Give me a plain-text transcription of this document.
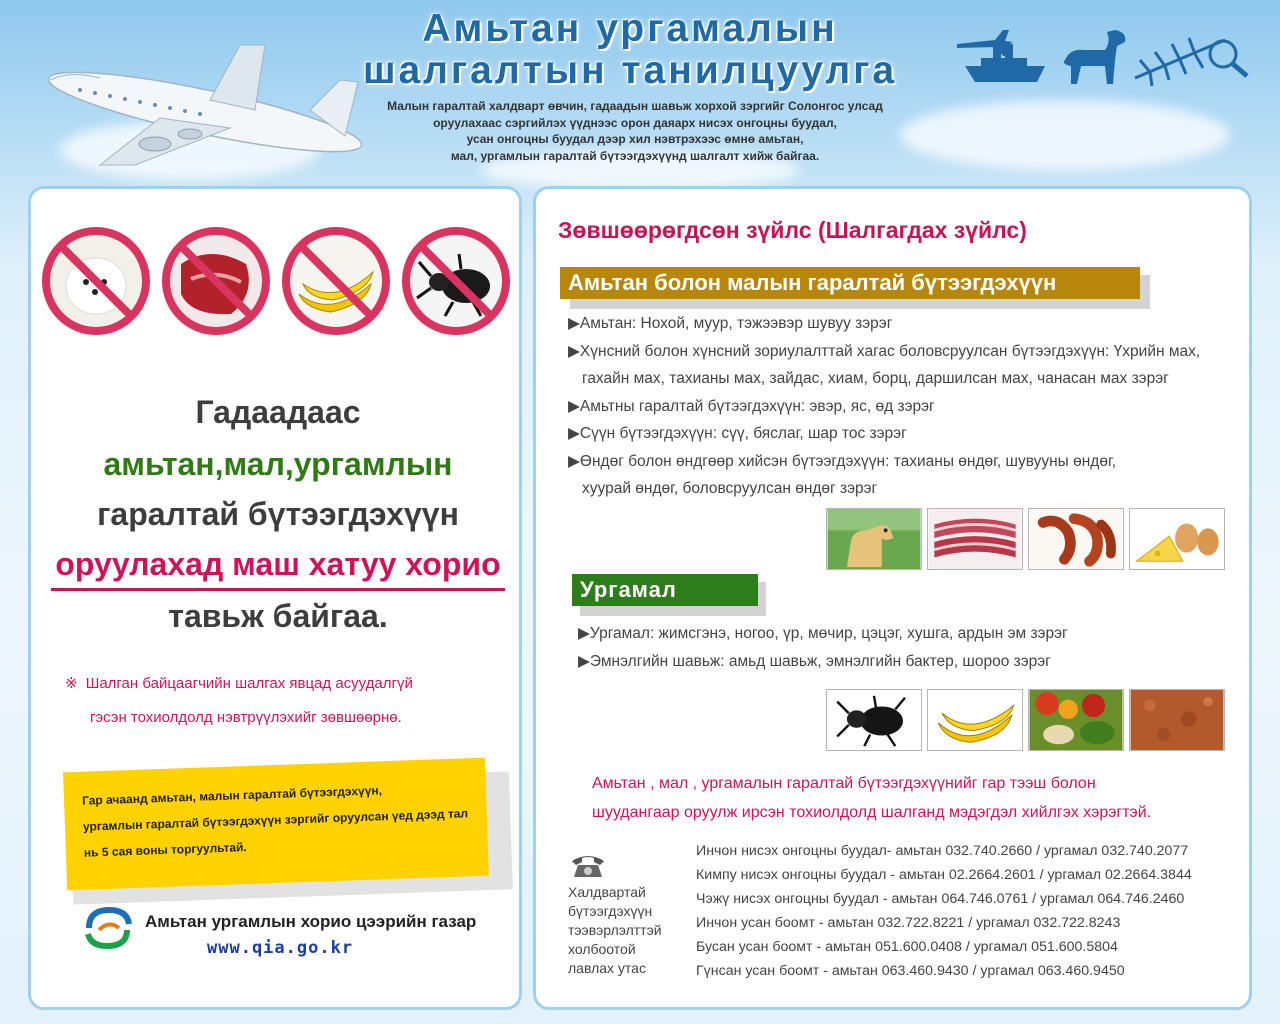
Амьтан ургамалын
шалгалтын танилцуулга
Малын гаралтай халдварт өвчин, гадаадын шавьж хорхой зэргийг Солонгос улсад
оруулахаас сэргийлэх үүднээс орон даяарх нисэх онгоцны буудал,
усан онгоцны буудал дээр хил нэвтрэхээс өмнө амьтан,
мал, ургамлын гаралтай бүтээгдэхүүнд шалгалт хийж байгаа.
Гадаадаас
амьтан,мал,ургамлын
гаралтай бүтээгдэхүүн
оруулахад маш хатуу хорио
тавьж байгаа.
※ Шалган байцаагчийн шалгах явцад асуудалгүй
гэсэн тохиолдолд нэвтрүүлэхийг зөвшөөрнө.
Гар ачаанд амьтан, малын гаралтай бүтээгдэхүүн,
ургамлын гаралтай бүтээгдэхүүн зэргийг оруулсан үед дээд тал
нь 5 сая воны торгуультай.
Амьтан ургамлын хорио цээрийн газар
www.qia.go.kr
Зөвшөөрөгдсөн зүйлс (Шалгагдах зүйлс)
Амьтан болон малын гаралтай бүтээгдэхүүн
▶Амьтан: Нохой, муур, тэжээвэр шувуу зэрэг
▶Хүнсний болон хүнсний зориулалттай хагас боловсруулсан бүтээгдэхүүн: Үхрийн мах,
гахайн мах, тахианы мах, зайдас, хиам, борц, даршилсан мах, чанасан мах зэрэг
▶Амьтны гаралтай бүтээгдэхүүн: эвэр, яс, өд зэрэг
▶Сүүн бүтээгдэхүүн: сүү, бяслаг, шар тос зэрэг
▶Өндөг болон өндгөөр хийсэн бүтээгдэхүүн: тахианы өндөг, шувууны өндөг,
хуурай өндөг, боловсруулсан өндөг зэрэг
Ургамал
▶Ургамал: жимсгэнэ, ногоо, үр, мөчир, цэцэг, хушга, ардын эм зэрэг
▶Эмнэлгийн шавьж: амьд шавьж, эмнэлгийн бактер, шороо зэрэг
Амьтан , мал , ургамалын гаралтай бүтээгдэхүүнийг гар тээш болон
шуудангаар оруулж ирсэн тохиолдолд шалганд мэдэгдэл хийлгэх хэрэгтэй.
Халдвартай
бүтээгдэхүүн
тээвэрлэлттэй
холбоотой
лавлах утас
Инчон нисэх онгоцны буудал- амьтан 032.740.2660 / ургамал 032.740.2077
Кимпу нисэх онгоцны буудал - амьтан 02.2664.2601 / ургамал 02.2664.3844
Чэжү нисэх онгоцны буудал - амьтан 064.746.0761 / ургамал 064.746.2460
Инчон усан боомт - амьтан 032.722.8221 / ургамал 032.722.8243
Бусан усан боомт - амьтан 051.600.0408 / ургамал 051.600.5804
Гүнсан усан боомт - амьтан 063.460.9430 / ургамал 063.460.9450
